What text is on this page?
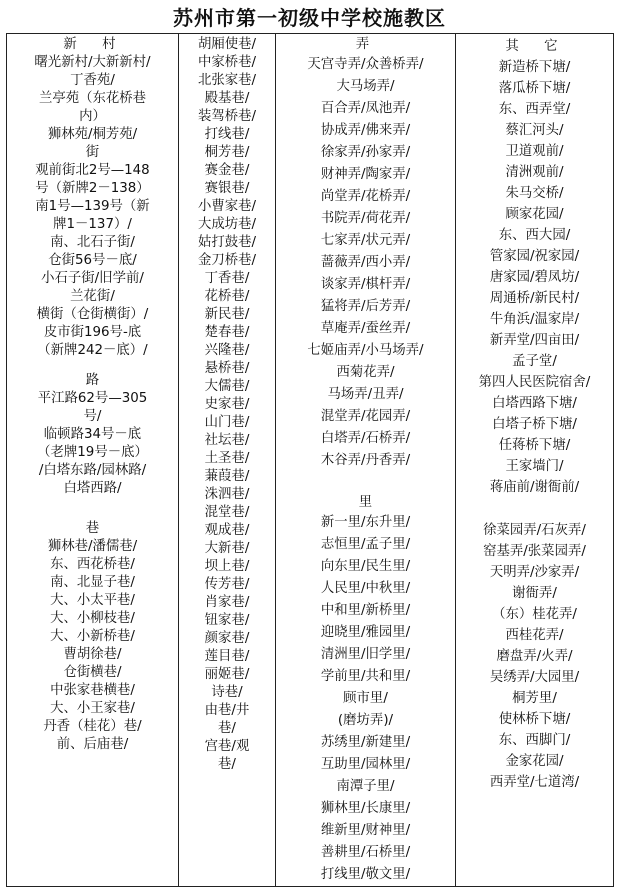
苏州市第一初级中学校施教区
新　村
曙光新村/大新新村/
丁香苑/
兰亭苑（东花桥巷
内）
狮林苑/桐芳苑/
街
观前街北2号—148
号（新牌2－138）
南1号—139号（新
牌1－137）/
南、北石子街/
仓街56号－底/
小石子街/旧学前/
兰花街/
横街（仓街横街）/
皮市街196号-底
（新牌242－底）/
路
平江路62号—305
号/
临顿路34号－底
（老牌19号－底）
/白塔东路/园林路/
白塔西路/
巷
狮林巷/潘儒巷/
东、西花桥巷/
南、北显子巷/
大、小太平巷/
大、小柳枝巷/
大、小新桥巷/
曹胡徐巷/
仓街横巷/
中张家巷横巷/
大、小王家巷/
丹香（桂花）巷/
前、后庙巷/

胡厢使巷/
中家桥巷/
北张家巷/
殿基巷/
装驾桥巷/
打线巷/
桐芳巷/
赛金巷/
赛银巷/
小曹家巷/
大成坊巷/
姑打鼓巷/
金刀桥巷/
丁香巷/
花桥巷/
新民巷/
楚春巷/
兴隆巷/
悬桥巷/
大儒巷/
史家巷/
山门巷/
社坛巷/
土圣巷/
蒹葭巷/
洙泗巷/
混堂巷/
观成巷/
大新巷/
坝上巷/
传芳巷/
肖家巷/
钮家巷/
颜家巷/
莲目巷/
丽姬巷/
诗巷/
由巷/井
巷/
宫巷/观
巷/

弄
天宫寺弄/众善桥弄/
大马场弄/
百合弄/凤池弄/
协成弄/佛来弄/
徐家弄/孙家弄/
财神弄/陶家弄/
尚堂弄/花桥弄/
书院弄/荷花弄/
七家弄/状元弄/
蔷薇弄/西小弄/
谈家弄/棋杆弄/
猛将弄/后芳弄/
草庵弄/蚕丝弄/
七姬庙弄/小马场弄/
西菊花弄/
马场弄/丑弄/
混堂弄/花园弄/
白塔弄/石桥弄/
木谷弄/丹香弄/
里
新一里/东升里/
志恒里/孟子里/
向东里/民生里/
人民里/中秋里/
中和里/新桥里/
迎晓里/雅园里/
清洲里/旧学里/
学前里/共和里/
顾市里/
(磨坊弄)/
苏绣里/新建里/
互助里/园林里/
南潭子里/
狮林里/长康里/
维新里/财神里/
善耕里/石桥里/
打线里/敬文里/

其　它
新造桥下塘/
落瓜桥下塘/
东、西弄堂/
蔡汇河头/
卫道观前/
清洲观前/
朱马交桥/
顾家花园/
东、西大园/
管家园/祝家园/
唐家园/碧凤坊/
周通桥/新民村/
牛角浜/温家岸/
新弄堂/四亩田/
孟子堂/
第四人民医院宿舍/
白塔西路下塘/
白塔子桥下塘/
任蒋桥下塘/
王家墙门/
蒋庙前/谢衙前/
徐菜园弄/石灰弄/
窑基弄/张菜园弄/
天明弄/沙家弄/
谢衙弄/
（东）桂花弄/
西桂花弄/
磨盘弄/火弄/
吴绣弄/大园里/
桐芳里/
使林桥下塘/
东、西脚门/
金家花园/
西弄堂/七道湾/
